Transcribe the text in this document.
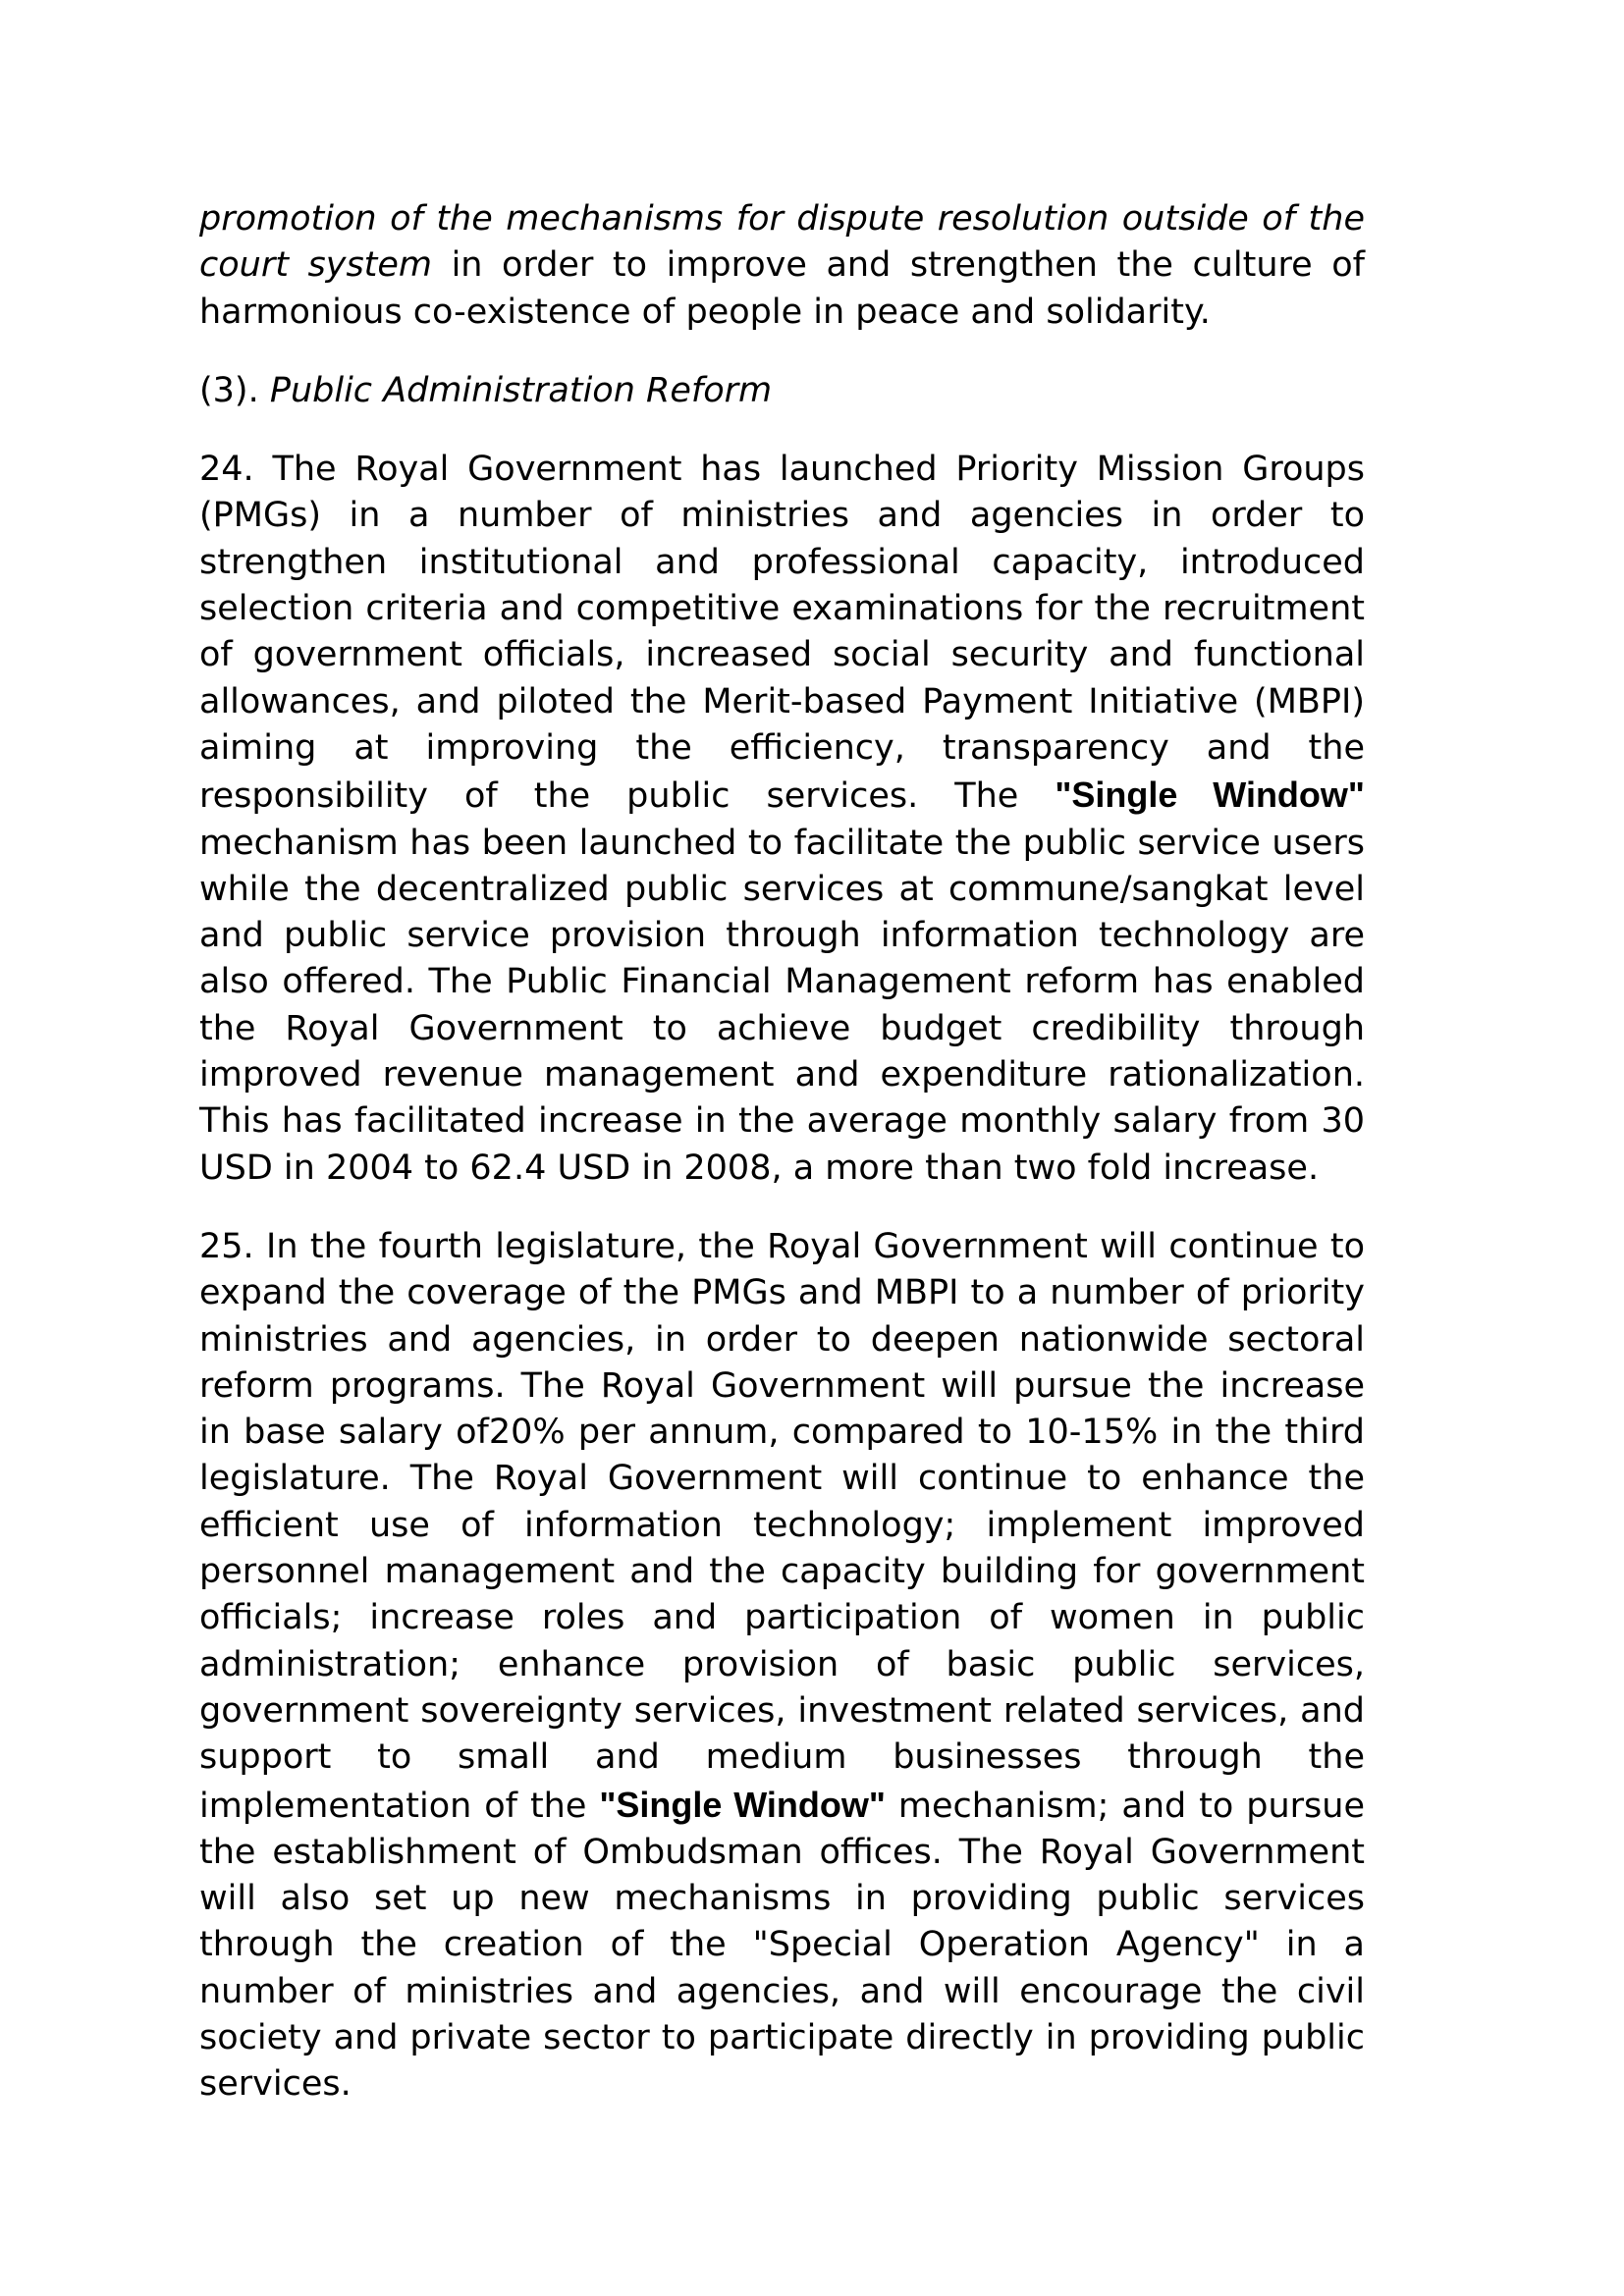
promotion of the mechanisms for dispute resolution outside of the court system in order to improve and strengthen the culture of harmonious co-existence of people in peace and solidarity.

(3). Public Administration Reform

24. The Royal Government has launched Priority Mission Groups (PMGs) in a number of ministries and agencies in order to strengthen institutional and professional capacity, introduced selection criteria and competitive examinations for the recruitment of government officials, increased social security and functional allowances, and piloted the Merit-based Payment Initiative (MBPI) aiming at improving the efficiency, transparency and the responsibility of the public services. The "Single Window" mechanism has been launched to facilitate the public service users while the decentralized public services at commune/sangkat level and public service provision through information technology are also offered. The Public Financial Management reform has enabled the Royal Government to achieve budget credibility through improved revenue management and expenditure rationalization. This has facilitated increase in the average monthly salary from 30 USD in 2004 to 62.4 USD in 2008, a more than two fold increase.

25. In the fourth legislature, the Royal Government will continue to expand the coverage of the PMGs and MBPI to a number of priority ministries and agencies, in order to deepen nationwide sectoral reform programs. The Royal Government will pursue the increase in base salary of20% per annum, compared to 10-15% in the third legislature. The Royal Government will continue to enhance the efficient use of information technology; implement improved personnel management and the capacity building for government officials; increase roles and participation of women in public administration; enhance provision of basic public services, government sovereignty services, investment related services, and support to small and medium businesses through the implementation of the "Single Window" mechanism; and to pursue the establishment of Ombudsman offices. The Royal Government will also set up new mechanisms in providing public services through the creation of the "Special Operation Agency" in a number of ministries and agencies, and will encourage the civil society and private sector to participate directly in providing public services.
